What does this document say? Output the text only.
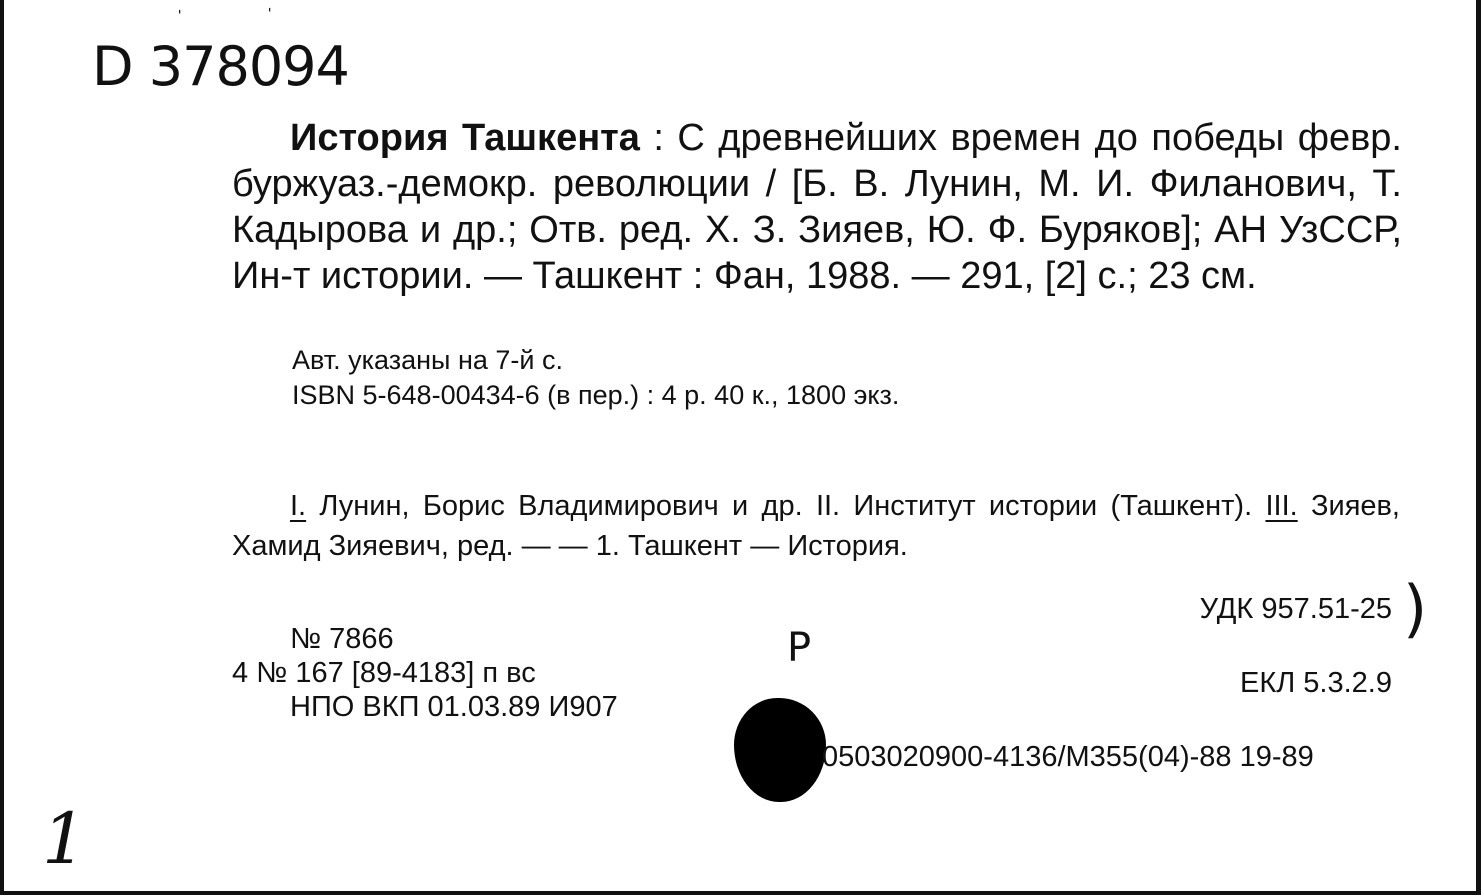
ˈ	ˈ
D 378094
История Ташкента : С древнейших времен до победы февр. буржуаз.-демокр. революции / [Б. В. Лунин, М. И. Филанович, Т. Кадырова и др.; Отв. ред. Х. З. Зияев, Ю. Ф. Буряков]; АН УзССР, Ин-т истории. — Ташкент : Фан, 1988. — 291, [2] с.; 23 см.
Авт. указаны на 7-й с.
ISBN 5-648-00434-6 (в пер.) : 4 р. 40 к., 1800 экз.
I. Лунин, Борис Владимирович и др. II. Институт истории (Ташкент). III. Зияев, Хамид Зияевич, ред. — — 1. Ташкент — История.
№ 7866
4 № 167 [89-4183] п вс
НПО ВКП 01.03.89 И907
УДК 957.51-25
ЕКЛ 5.3.2.9
)
Р
0503020900-4136/М355(04)-88 19-89
1
